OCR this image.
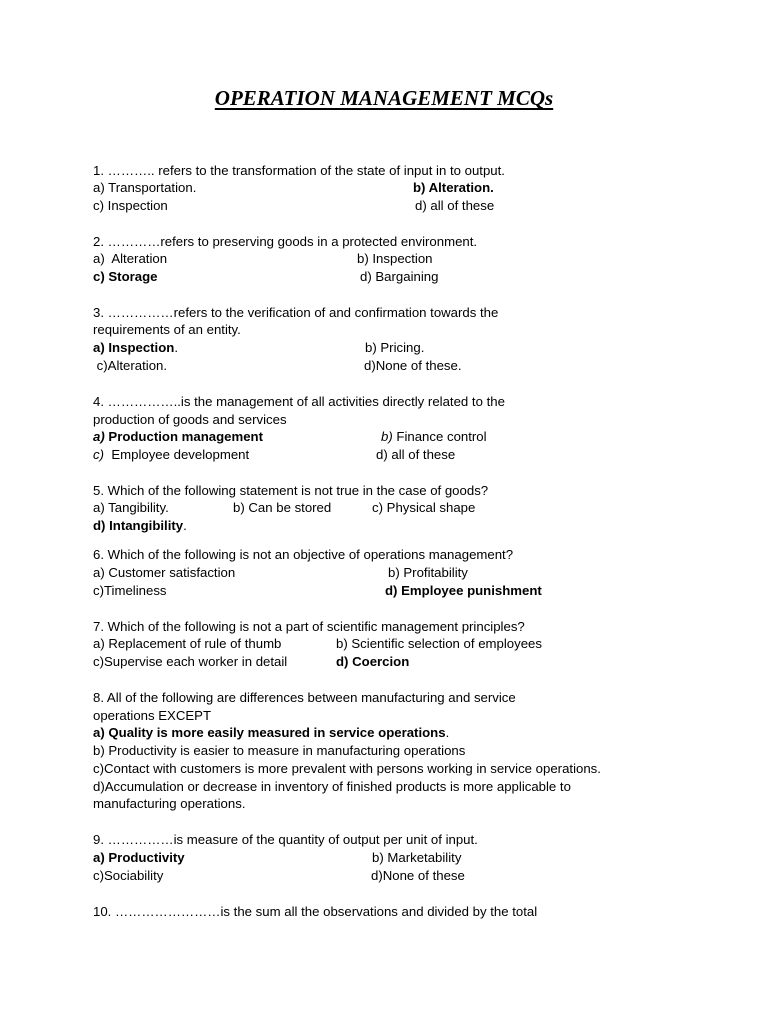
OPERATION MANAGEMENT MCQs
1. ……….. refers to the transformation of the state of input in to output.
a) Transportation.	b) Alteration.
c) Inspection	d) all of these
2. …………refers to preserving goods in a protected environment.
a)  Alteration	b) Inspection
c) Storage	d) Bargaining
3. ……………refers to the verification of and confirmation towards the
requirements of an entity.
a) Inspection.	b) Pricing.
c)Alteration.	d)None of these.
4. ……………..is the management of all activities directly related to the
production of goods and services
a) Production management	b) Finance control
c)  Employee development	d) all of these
5. Which of the following statement is not true in the case of goods?
a) Tangibility.	b) Can be stored	c) Physical shape
d) Intangibility.
6. Which of the following is not an objective of operations management?
a) Customer satisfaction	b) Profitability
c)Timeliness	d) Employee punishment
7. Which of the following is not a part of scientific management principles?
a) Replacement of rule of thumb	b) Scientific selection of employees
c)Supervise each worker in detail	d) Coercion
8. All of the following are differences between manufacturing and service
operations EXCEPT
a) Quality is more easily measured in service operations.
b) Productivity is easier to measure in manufacturing operations
c)Contact with customers is more prevalent with persons working in service operations.
d)Accumulation or decrease in inventory of finished products is more applicable to
manufacturing operations.
9. ……………is measure of the quantity of output per unit of input.
a) Productivity	b) Marketability
c)Sociability	d)None of these
10. ……………………is the sum all the observations and divided by the total
